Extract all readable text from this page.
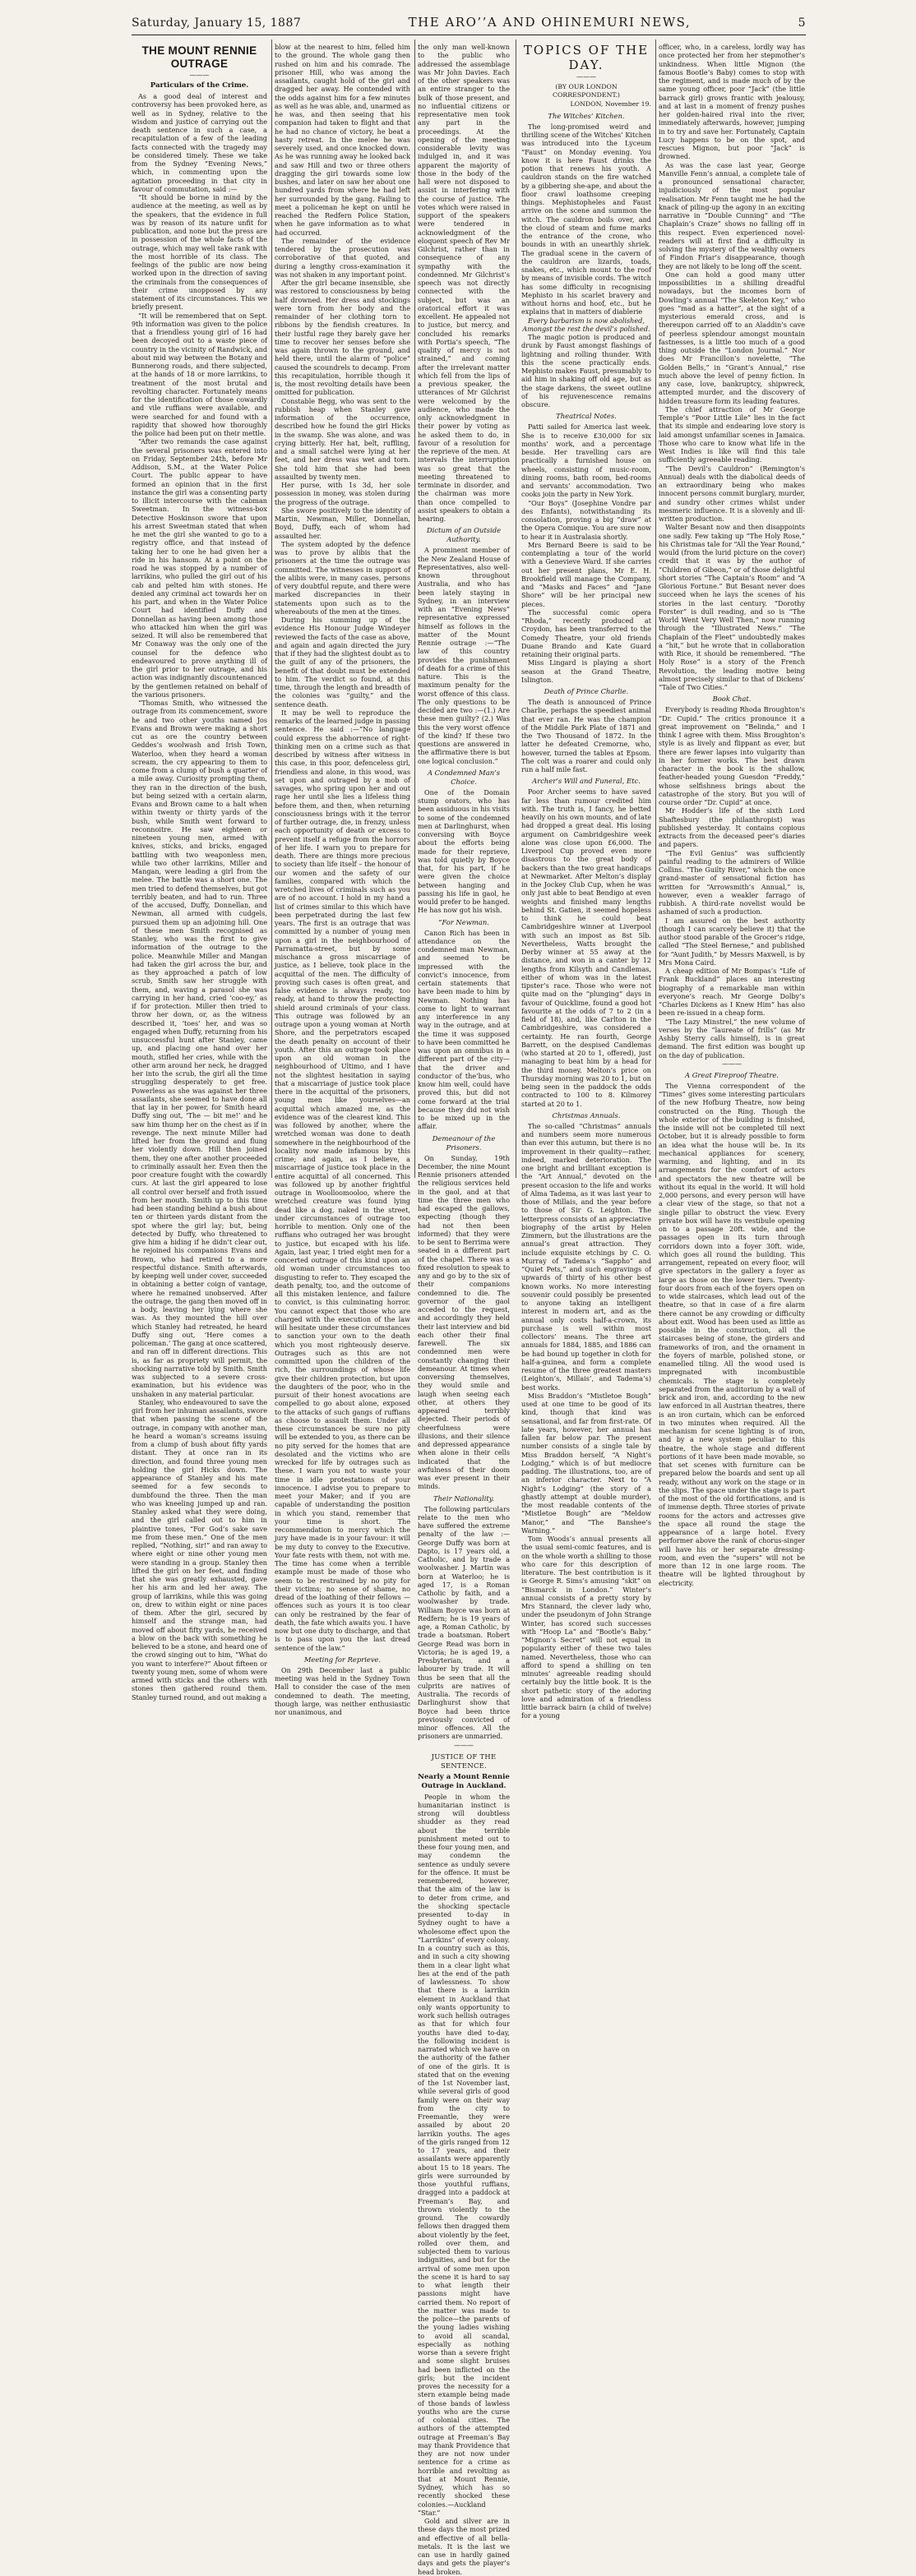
Saturday, January 15, 1887	THE ARO’’A AND OHINEMURI NEWS,	5
THE MOUNT RENNIE OUTRAGE
———
Particulars of the Crime.

As a good deal of interest and controversy has been provoked here, as well as in Sydney, relative to the wisdom and justice of carrying out the death sentence in such a case, a recapitulation of a few of the leading facts connected with the tragedy may be considered timely. These we take from the Sydney “Evening News,” which, in commenting upon the agitation proceeding in that city in favour of commutation, said :—

“It should be borne in mind by the audience at the meeting, as well as by the speakers, that the evidence in full was by reason of its nature unfit for publication, and none but the press are in possession of the whole facts of the outrage, which may well take rank with the most horrible of its class. The feelings of the public are now being worked upon in the direction of saving the criminals from the consequences of their crime unopposed by any statement of its circumstances. This we briefly present.

“It will be remembered that on Sept. 9th information was given to the police that a friendless young girl of 16 had been decoyed out to a waste piece of country in the vicinity of Randwick, and about mid way between the Botany and Bunnerong roads, and there subjected, at the hands of 18 or more larrikins, to treatment of the most brutal and revolting character. Fortunately means for the identification of those cowardly and vile ruffians were available, and were searched for and found with a rapidity that showed how thoroughly the police had been put on their mettle.

“After two remands the case against the several prisoners was entered into on Friday, September 24th, before Mr Addison, S.M., at the Water Police Court. The public appear to have formed an opinion that in the first instance the girl was a consenting party to illicit intercourse with the cabman Sweetman. In the witness-box Detective Hoskinson swore that upon his arrest Sweetman stated that when he met the girl she wanted to go to a registry office, and that instead of taking her to one he had given her a ride in his hansom. At a point on the road he was stopped by a number of larrikins, who pulled the girl out of his cab and pelted him with stones. He denied any criminal act towards her on his part, and when in the Water Police Court had identified Duffy and Donnellan as having been among those who attacked him when the girl was seized. It will also be remembered that Mr Conaway was the only one of the counsel for the defence who endeavoured to prove anything ill of the girl prior to her outrage, and his action was indignantly discountenanced by the gentlemen retained on behalf of the various prisoners.

“Thomas Smith, who witnessed the outrage from its commencement, swore he and two other youths named Jos Evans and Brown were making a short cut as ore the country between Geddes’s woolwash and Irish Town, Waterloo, when they heard a woman scream, the cry appearing to them to come from a clump of bush a quarter of a mile away. Curiosity prompting them, they ran in the direction of the bush, but being seized with a certain alarm, Evans and Brown came to a halt when within twenty or thirty yards of the bush, while Smith went forward to reconnoitre. He saw eighteen or nineteen young men, armed with knives, sticks, and bricks, engaged battling with two weaponless men, while two other larrikins, Miller and Mangan, were leading a girl from the melee. The battle was a short one. The men tried to defend themselves, but got terribly beaten, and had to run. Three of the accused, Duffy, Donnellan, and Newman, all armed with cudgels, pursued them up an adjoining hill. One of these men Smith recognised as Stanley, who was the first to give information of the outrage to the police. Meanwhile Miller and Mangan had taken the girl across the bur, and as they approached a patch of low scrub, Smith saw her struggle with them, and, waving a parasol she was carrying in her hand, cried ‘coo-ey,’ as if for protection. Miller then tried to throw her down, or, as the witness described it, ‘toes’ her, and was so engaged when Duffy, returning from his unsuccessful hunt after Stanley, came up, and placing one hand over her mouth, stifled her cries, while with the other arm around her neck, he dragged her into the scrub, the girl all the time struggling desperately to get free. Powerless as she was against her three assailants, she seemed to have done all that lay in her power, for Smith heard Duffy sing out, ‘The — bit me!’ and he saw him thump her on the chest as if in revenge. The next minute Miller had lifted her from the ground and flung her violently down. Hill then joined them, they one after another proceeded to criminally assault her. Even then the poor creature fought with the cowardly curs. At last the girl appeared to lose all control over herself and froth issued from her mouth. Smith up to this time had been standing behind a bush about ten or thirteen yards distant from the spot where the girl lay; but, being detected by Duffy, who threatened to give him a hiding if he didn’t clear out, he rejoined his companions Evans and Brown, who had retired to a more respectful distance. Smith afterwards, by keeping well under cover, succeeded in obtaining a better coign of vantage, where he remained unobserved. After the outrage, the gang then moved off in a body, leaving her lying where she was. As they mounted the hill over which Stanley had retreated, he heard Duffy sing out, ‘Here comes a policeman.’ The gang at once scattered, and ran off in different directions. This is, as far as propriety will permit, the shocking narrative told by Smith. Smith was subjected to a severe cross-examination, but his evidence was unshaken in any material particular.

Stanley, who endeavoured to save the girl from her inhuman assailants, swore that when passing the scene of the outrage, in company with another man, he heard a woman’s screams issuing from a clump of bush about fifty yards distant. They at once ran in its direction, and found three young men holding the girl Hicks down. The appearance of Stanley and his mate seemed for a few seconds to dumbfound the three. Then the man who was kneeling jumped up and ran. Stanley asked what they were doing, and the girl called out to him in plaintive tones, “For God’s sake save me from these men.” One of the men replied, “Nothing, sir!” and ran away to where eight or nine other young men were standing in a group. Stanley then lifted the girl on her feet, and finding that she was greatly exhausted, gave her his arm and led her away. The group of larrikins, while this was going on, drew to within eight or nine paces of them. After the girl, secured by himself and the strange man, had moved off about fifty yards, he received a blow on the back with something he believed to be a stone, and heard one of the crowd singing out to him, “What do you want to interfere?” About fifteen or twenty young men, some of whom were armed with sticks and the others with stones then gathered round them. Stanley turned round, and out making a

blow at the nearest to him, felled him to the ground. The whole gang then rushed on him and his comrade. The prisoner Hill, who was among the assailants, caught hold of the girl and dragged her away. He contended with the odds against him for a few minutes as well as he was able, and, unarmed as he was, and then seeing that his companion had taken to flight and that he had no chance of victory, he beat a hasty retreat. In the melee he was severely used, and once knocked down. As he was running away he looked back and saw Hill and two or three others dragging the girl towards some low bushes, and later on saw her about one hundred yards from where he had left her surrounded by the gang. Failing to meet a policeman he kept on until he reached the Redfern Police Station, when he gave information as to what had occurred.

The remainder of the evidence tendered by the prosecution was corroborative of that quoted, and during a lengthy cross-examination it was not shaken in any important point.

After the girl became insensible, she was restored to consciousness by being half drowned. Her dress and stockings were torn from her body and the remainder of her clothing torn to ribbons by the fiendish creatures. In their lustful rage they barely gave her time to recover her senses before she was again thrown to the ground, and held there, until the alarm of “police” caused the scoundrels to decamp. From this recapitulation, horrible though it is, the most revolting details have been omitted for publication.

Constable Begg, who was sent to the rubbish heap when Stanley gave information of the occurrence, described how he found the girl Hicks in the swamp. She was alone, and was crying bitterly. Her hat, belt, ruffling, and a small satchel were lying at her feet, and her dress was wet and torn. She told him that she had been assaulted by twenty men.

Her purse, with 1s 3d, her sole possession in money, was stolen during the progress of the outrage.

She swore positively to the identity of Martin, Newman, Miller, Donnellan, Boyd, Duffy, each of whom had assaulted her.

The system adopted by the defence was to prove by alibis that the prisoners at the time the outrage was committed. The witnesses in support of the alibis were, in many cases, persons of very doubtful repute, and there were marked discrepancies in their statements upon such as to the whereabouts of the men at the times.

During his summing up of the evidence His Honour Judge Windeyer reviewed the facts of the case as above, and again and again directed the jury that if they had the slightest doubt as to the guilt of any of the prisoners, the benefit of that doubt must be extended to him. The verdict so found, at this time, through the length and breadth of the colonies was “guilty,” and the sentence death.

It may be well to reproduce the remarks of the learned judge in passing sentence. He said :—“No language could express the abhorrence of right-thinking men on a crime such as that described by witness after witness in this case, in this poor, defenceless girl, friendless and alone, in this wood, was set upon and outraged by a mob of savages, who spring upon her and out rage her until she lies a lifeless thing before them, and then, when returning consciousness brings with it the terror of further outrage, die, in frenzy, unless each opportunity of death or excess to prevent itself a refuge from the horrors of her life. I warn you to prepare for death. There are things more precious to society than life itself – the honour of our women and the safety of our families, compared with which the wretched lives of criminals such as you are of no account. I hold in my hand a list of crimes similar to this which have been perpetrated during the last few years. The first is an outrage that was committed by a number of young men upon a girl in the neighbourhood of Parramatta-street, but by some mischance a gross miscarriage of justice, as I believe, took place in the acquittal of the men. The difficulty of proving such cases is often great, and false evidence is always ready, too ready, at hand to throw the protecting shield around criminals of your class. This outrage was followed by an outrage upon a young woman at North Shore, and the perpetrators escaped the death penalty on account of their youth. After this an outrage took place upon an old woman in the neighbourhood of Ultimo, and I have not the slightest hesitation in saying that a miscarriage of justice took place there in the acquittal of the prisoners, young men like yourselves—an acquittal which amazed me, as the evidence was of the clearest kind. This was followed by another, where the wretched woman was done to death somewhere in the neighbourhood of the locality now made infamous by this crime; and again, as I believe, a miscarriage of justice took place in the entire acquittal of all concerned. This was followed up by another frightful outrage in Woolloomooloo, where the wretched creature was found lying dead like a dog, naked in the street, under circumstances of outrage too horrible to mention. Only one of the ruffians who outraged her was brought to justice, but escaped with his life. Again, last year, I tried eight men for a concerted outrage of this kind upon an old woman under circumstances too disgusting to refer to. They escaped the death penalty, too, and the outcome of all this mistaken lenience, and failure to convict, is this culminating horror. You cannot expect that those who are charged with the execution of the law will hesitate under these circumstances to sanction your own to the death which you most righteously deserve. Outrages such as this are not committed upon the children of the rich, the surroundings of whose life give their children protection, but upon the daughters of the poor, who in the pursuit of their honest avocations are compelled to go about alone, exposed to the attacks of such gangs of ruffians as choose to assault them. Under all these circumstances be sure no pity will be extended to you, as there can be no pity served for the homes that are desolated and the victims who are wrecked for life by outrages such as these. I warn you not to waste your time in idle protestations of your innocence. I advise you to prepare to meet your Maker; and if you are capable of understanding the position in which you stand, remember that your time is short. The recommendation to mercy which the jury have made is in your favour: it will be my duty to convey to the Executive. Your fate rests with them, not with me. The time has come when a terrible example must be made of those who seem to be restrained by no pity for their victims; no sense of shame, no dread of the loathing of their fellows — offences such as yours it is too clear can only be restrained by the fear of death, the fate which awaits you. I have now but one duty to discharge, and that is to pass upon you the last dread sentence of the law.”

Meeting for Reprieve.

On 29th December last a public meeting was held in the Sydney Town Hall to consider the case of the men condemned to death. The meeting, though large, was neither enthusiastic nor unanimous, and

the only man well-known to the public who addressed the assemblage was Mr John Davies. Each of the other speakers was an entire stranger to the bulk of those present, and no influential citizens or representative men took any part in the proceedings. At the opening of the meeting considerable levity was indulged in, and it was apparent the majority of those in the body of the hall were not disposed to assist in interfering with the course of justice. The votes which were raised in support of the speakers were tendered in acknowledgment of the eloquent speech of Rev Mr Gilchrist, rather than in consequence of any sympathy with the condemned. Mr Gilchrist’s speech was not directly connected with the subject, but was an oratorical effort it was excellent. He appealed not to justice, but mercy, and concluded his remarks with Portia’s speech, “The quality of mercy is not strained,” and coming after the irrelevant matter which fell from the lips of a previous speaker, the utterances of Mr Gilchrist were welcomed by the audience, who made the only acknowledgment in their power by voting as he asked them to do, in favour of a resolution for the reprieve of the men. At intervals the interruption was so great that the meeting threatened to terminate in disorder, and the chairman was more than once compelled to assist speakers to obtain a hearing.

Dictum of an Outside Authority.

A prominent member of the New Zealand House of Representatives, also well-known throughout Australia, and who has been lately staying in Sydney, in an interview with an “Evening News” representative expressed himself as follows in the matter of the Mount Rennie outrage :—“The law of this country provides the punishment of death for a crime of this nature. This is the maximum penalty for the worst offence of this class. The only questions to be decided are two :—(1.) Are these men guilty? (2.) Was this the very worst offence of the kind? If these two questions are answered in the affirmative there is but one logical conclusion.”

A Condemned Man’s Choice.

One of the Domain stump orators, who has been assiduous in his visits to some of the condemned men at Darlinghurst, when conversing with Boyce about the efforts being made for their reprieve, was told quietly by Boyce that, for his part, if he were given the choice between hanging and passing his life in gaol, he would prefer to be hanged. He has now got his wish.

“For Newman.

Canon Rich has been in attendance on the condemned man Newman, and seemed to be impressed with the convict’s innocence, from certain statements that have been made to him by Newman. Nothing has come to light to warrant any interference in any way in the outrage, and at the time it was supposed to have been committed he was upon an omnibus in a different part of the city—that the driver and conductor of the’bus, who know him well, could have proved this, but did not come forward at the trial because they did not wish to be mixed up in the affair.

Demeanour of the Prisoners.

On Sunday, 19th December, the nine Mount Rennie prisoners attended the religious services held in the gaol, and at that time the three men who had escaped the gallows, expecting (though they had not then been informed) that they were to be sent to Berrima were seated in a different part of the chapel. There was a fixed resolution to speak to any and go by to the six of their companions condemned to die. The governor of the gaol acceded to the request, and accordingly they held their last interview and bid each other their final farewell. The six condemned men were constantly changing their demeanour. At times when conversing themselves, they would smile and laugh when seeing each other, at others they appeared terribly dejected. Their periods of cheerfulness were illusions, and their silence and depressed appearance when alone in their cells indicated that the awfulness of their doom was ever present in their minds.

Their Nationality.

The following particulars relate to the men who have suffered the extreme penalty of the law :—George Duffy was born at Dapto, is 17 years old, a Catholic, and by trade a woolwasher. J. Martin was born at Waterloo; he is aged 17, is a Roman Catholic by faith, and a woolwasher by trade. William Boyce was born at Redfern; he is 19 years of age, a Roman Catholic, by trade a boatsman. Robert George Read was born in Victoria; he is aged 19, a Presbyterian, and a labourer by trade. It will thus be seen that all the culprits are natives of Australia. The records of Darlinghurst show that Boyce had been thrice previously convicted of minor offences. All the prisoners are unmarried.

———
JUSTICE OF THE SENTENCE.
Nearly a Mount Rennie Outrage in Auckland.

People in whom the humanitarian instinct is strong will doubtless shudder as they read about the terrible punishment meted out to these four young men, and may condemn the sentence as unduly severe for the offence. It must be remembered, however, that the aim of the law is to deter from crime, and the shocking spectacle presented to-day in Sydney ought to have a wholesome effect upon the “Larrikins” of every colony. In a country such as this, and in such a city showing them in a clear light what lies at the end of the path of lawlessness. To show that there is a larrikin element in Auckland that only wants opportunity to work such hellish outrages as that for which four youths have died to-day, the following incident is narrated which we have on the authority of the father of one of the girls. It is stated that on the evening of the 1st November last, while several girls of good family were on their way from the city to Freemantle, they were assailed by about 20 larrikin youths. The ages of the girls ranged from 12 to 17 years, and their assailants were apparently about 15 to 18 years. The girls were surrounded by those youthful ruffians, dragged into a paddock at Freeman’s Bay, and thrown violently to the ground. The cowardly fellows then dragged them about violently by the feet, rolled over them, and subjected them to various indignities, and but for the arrival of some men upon the scene it is hard to say to what length their passions might have carried them. No report of the matter was made to the police—the parents of the young ladies wishing to avoid all scandal, especially as nothing worse than a severe fright and some slight bruises had been inflicted on the girls; but the incident proves the necessity for a stern example being made of those bands of lawless youths who are the curse of colonial cities. The authors of the attempted outrage at Freeman’s Bay may thank Providence that they are not now under sentence for a crime as horrible and revolting as that at Mount Rennie, Sydney, which has so recently shocked these colonies.—Auckland “Star.”

Gold and silver are in these days the most prized and effective of all bella-metals. It is the last we can use in hardly gained days and gets the player’s head broken.

TOPICS OF THE DAY.
———
(BY OUR LONDON CORRESPONDENT.)
LONDON, November 19.
The Witches’ Kitchen.

The long-promised weird and thrilling scene of the Witches’ Kitchen was introduced into the Lyceum “Faust” on Monday evening. You know it is here Faust drinks the potion that renews his youth. A cauldron stands on the fire watched by a gibbering she-ape, and about the floor crawl loathsome creeping things. Mephistopheles and Faust arrive on the scene and summon the witch. The cauldron boils over, and the cloud of steam and fume marks the entrance of the crone, who bounds in with an unearthly shriek. The gradual scene in the cavern of the cauldron are lizards, toads, snakes, etc., which mount to the roof by means of invisible cords. The witch has some difficulty in recognising Mephisto in his scarlet bravery and without horns and hoof, etc., but he explains that in matters of diablerie

Every barbarism is now abolished, Amongst the rest the devil’s polished.

The magic potion is produced and drunk by Faust amongst flashings of lightning and rolling thunder. With this the scene practically ends. Mephisto makes Faust, presumably to aid him in shaking off old age, but as the stage darkens, the sweet outline of his rejuvenescence remains obscure.

Theatrical Notes.

Patti sailed for America last week. She is to receive £30,000 for six months’ work, and a percentage beside. Her travelling cars are practically a furnished house on wheels, consisting of music-room, dining rooms, bath room, bed-rooms and servants’ accommodation. Two cooks join the party in New York.

“Our Boys” (Josephine Vondre par des Enfants), notwithstanding its consolation, proving a big “draw” at the Opera Comique. You are sure now to hear it in Australasia shortly.

Mrs Bernard Beere is said to be contemplating a tour of the world with a Genevieve Ward. If she carries out her present plans, Mr E. H. Brookfield will manage the Company, and “Masks and Faces” and “Jane Shore” will be her principal new pieces.

The successful comic opera “Rhoda,” recently produced at Croydon, has been transferred to the Comedy Theatre, your old friends Duane Brando and Kate Guard retaining their original parts.

Miss Lingard is playing a short season at the Grand Theatre, Islington.

Death of Prince Charlie.

The death is announced of Prince Charlie, perhaps the speediest animal that ever ran. He was the champion of the Middle Park Plate of 1871 and the Two Thousand of 1872. In the latter he defeated Cremorne, who, however, turned the tables at Epsom. The colt was a roarer and could only run a half mile fast.

Archer’s Will and Funeral, Etc.

Poor Archer seems to have saved far less than rumour credited him with. The truth is, I fancy, he betted heavily on his own mounts, and of late had dropped a great deal. His losing argument on Cambridgeshire week alone was close upon £6,000. The Liverpool Cup proved even more disastrous to the great body of backers than the two great handicaps at Newmarket. After Melton’s display in the Jockey Club Cup, when he was only just able to beat Bendigo at even weights and finished many lengths behind St. Gatien, it seemed hopeless to think he could beat Cambridgeshire winner at Liverpool with such an impost as 8st 5lb. Nevertheless, Watts brought the Derby winner at 55 away at the distance, and won in a canter by 12 lengths from Kilsyth and Candlemas, either of whom was in the latest tipster’s race. Those who were not quite mad on the “plunging” days in favour of Quicklime, found a good hot favourite at the odds of 7 to 2 (in a field of 18), and, like Carlton in the Cambridgeshire, was considered a certainty. He ran fourth, George Barrett, on the despised Candlemas (who started at 20 to 1, offered), just managing to beat him by a head for the third money. Melton’s price on Thursday morning was 20 to 1, but on being seen in the paddock the odds contracted to 100 to 8. Kilmorey started at 20 to 1.

Christmas Annuals.

The so-called “Christmas” annuals and numbers seem more numerous than ever this autumn, but there is no improvement in their quality—rather, indeed, marked deterioration. The one bright and brilliant exception is the “Art Annual,” devoted on the present occasion to the life and works of Alma Tadema, as it was last year to those of Millais, and the year before to those of Sir G. Leighton. The letterpress consists of an appreciative biography of the artist by Helen Zimmern, but the illustrations are the annual’s great attraction. They include exquisite etchings by C. O. Murray of Tadema’s “Sappho” and “Quiet Pets,” and such engravings of upwards of thirty of his other best known works. No more interesting souvenir could possibly be presented to anyone taking an intelligent interest in modern art, and as the annual only costs half-a-crown, its purchase is well within most collectors’ means. The three art annuals for 1884, 1885, and 1886 can be had bound up together in cloth for half-a-guinea, and form a complete resume of the three greatest masters (Leighton’s, Millais’, and Tadema’s) best works.

Miss Braddon’s “Mistletoe Bough” used at one time to be good of its kind, though that kind was sensational, and far from first-rate. Of late years, however, her annual has fallen far below par. The present number consists of a single tale by Miss Braddon herself, “A Night’s Lodging,” which is of but mediocre padding. The illustrations, too, are of an inferior character. Next to “A Night’s Lodging” (the story of a ghastly attempt at double murder), the most readable contents of the “Mistletoe Bough” are “Meldow Manor,” and “The Banshee’s Warning.”

Tom Woods’s annual presents all the usual semi-comic features, and is on the whole worth a shilling to those who care for this description of literature. The best contribution is it is George R. Sims’s amusing “skit” on “Bismarck in London.” Winter’s annual consists of a pretty story by Mrs Stannard, the clever lady who, under the pseudonym of John Strange Winter, has scored such successes with “Hoop La” and “Bootle’s Baby.” “Mignon’s Secret” will not equal in popularity either of these two tales named. Nevertheless, those who can afford to spend a shilling on ten minutes’ agreeable reading should certainly buy the little book. It is the short pathetic story of the adoring love and admiration of a friendless little barrack bairn (a child of twelve) for a young

officer, who, in a careless, lordly way has once protected her from her stepmother’s unkindness. When little Mignon (the famous Bootle’s Baby) comes to stop with the regiment, and is made much of by the same young officer, poor “Jack” (the little barrack girl) grows frantic with jealousy, and at last in a moment of frenzy pushes her golden-haired rival into the river, immediately afterwards, however, jumping in to try and save her. Fortunately, Captain Lucy happens to be on the spot, and rescues Mignon, but poor “Jack” is drowned.

As was the case last year, George Manville Fenn’s annual, a complete tale of a pronounced sensational character, injudiciously of the most popular realisation. Mr Fenn taught me he had the knack of piling-up the agony in an exciting narrative in “Double Cunning” and “The Chaplain’s Craze” shows no falling off in this respect. Even experienced novel-readers will at first find a difficulty in solving the mystery of the wealthy owners of Findon Friar’s disappearance, though they are not likely to be long off the scent.

One can hold a good many utter impossibilities in a shilling dreadful nowadays, but the incomes born of Dowling’s annual “The Skeleton Key,” who goes “mad as a hatter”, at the sight of a mysterious emerald cross, and is thereupon carried off to an Aladdin’s cave of peerless splendour amongst mountain fastnesses, is a little too much of a good thing outside the “London Journal.” Nor does Mr Francillon’s novelette, “The Golden Bells,” in “Grant’s Annual,” rise much above the level of penny fiction. In any case, love, bankruptcy, shipwreck, attempted murder, and the discovery of hidden treasure form its leading features.

The chief attraction of Mr George Temple’s “Poor Little Lile” lies in the fact that its simple and endearing love story is laid amongst unfamiliar scenes in Jamaica. Those who care to know what life in the West Indies is like will find this tale sufficiently agreeable reading.

“The Devil’s Cauldron” (Remington’s Annual) deals with the diabolical deeds of an extraordinary being who makes innocent persons commit burglary, murder, and sundry other crimes whilst under mesmeric influence. It is a slovenly and ill-written production.

Walter Besant now and then disappoints one sadly. Few taking up “The Holy Rose,” his Christmas tale for “All the Year Round,” would (from the lurid picture on the cover) credit that it was by the author of “Children of Gibeon,” or of those delightful short stories “The Captain’s Room” and “A Glorious Fortune.” But Besant never does succeed when he lays the scenes of his stories in the last century. “Dorothy Forster” is dull reading, and so is “The World Went Very Well Then,” now running through the “Illustrated News.” “The Chaplain of the Fleet” undoubtedly makes a “hit,” but he wrote that in collaboration with Rice, it should be remembered. “The Holy Rose” is a story of the French Revolution, the leading motive being almost precisely similar to that of Dickens’ “Tale of Two Cities.”

Book Chat.

Everybody is reading Rhoda Broughton’s “Dr. Cupid.” The critics pronounce it a great improvement on “Belinda,” and I think I agree with them. Miss Broughton’s style is as lively and flippant as ever, but there are fewer lapses into vulgarity than in her former works. The best drawn character in the book is the shallow, feather-headed young Guesdon “Freddy,” whose selfishness brings about the catastrophe of the story. But you will of course order “Dr. Cupid” at once.

Mr Hodder’s life of the sixth Lord Shaftesbury (the philanthropist) was published yesterday. It contains copious extracts from the deceased peer’s diaries and papers.

“The Evil Genius” was sufficiently painful reading to the admirers of Wilkie Collins. “The Guilty River,” which the once grand-master of sensational fiction has written for “Arrowsmith’s Annual,” is, however, even a weakler farrago of rubbish. A third-rate novelist would be ashamed of such a production.

I am assured on the best authority (though I can scarcely believe it) that the author stood parable of the Grocer’s ridge, called “The Steel Bernese,” and published for “Aunt Judith,” by Messrs Maxwell, is by Mrs Mona Caird.

A cheap edition of Mr Bompas’s “Life of Frank Buckland” places an interesting biography of a remarkable man within everyone’s reach. Mr George Dolby’s “Charles Dickens as I Knew Him” has also been re-issued in a cheap form.

“The Lazy Minstrel,” the new volume of verses by the “laureate of frills” (as Mr Ashby Sterry calls himself), is in great demand. The first edition was bought up on the day of publication.

———
A Great Fireproof Theatre.

The Vienna correspondent of the “Times” gives some interesting particulars of the new Hofburg Theatre, now being constructed on the Ring. Though the whole exterior of the building is finished, the inside will not be completed till next October, but it is already possible to form an idea what the house will be. In its mechanical appliances for scenery, warming, and lighting, and in its arrangements for the comfort of actors and spectators the new theatre will be without its equal in the world. It will hold 2,000 persons, and every person will have a clear view of the stage, so that not a single pillar to obstruct the view. Every private box will have its vestibule opening on to a passage 20ft. wide, and the passages open in its turn through corridors down into a foyer 30ft. wide, which goes all round the building. This arrangement, repeated on every floor, will give spectators in the gallery a foyer as large as those on the lower tiers. Twenty-four doors from each of the foyers open on to wide staircases, which lead out of the theatre, so that in case of a fire alarm there cannot be any crowding or difficulty about exit. Wood has been used as little as possible in the construction, all the staircases being of stone, the girders and frameworks of iron, and the ornament in the foyers of marble, polished stone, or enamelled tiling. All the wood used is impregnated with incombustible chemicals. The stage is completely separated from the auditorium by a wall of brick and iron, and, according to the new law enforced in all Austrian theatres, there is an iron curtain, which can be enforced in two minutes when required. All the mechanism for scene lighting is of iron, and by a new system peculiar to this theatre, the whole stage and different portions of it have been made movable, so that set scenes with furniture can be prepared below the boards and sent up all ready, without any work on the stage or in the slips. The space under the stage is part of the most of the old fortifications, and is of immense depth. Three stories of private rooms for the actors and actresses give the space all round the stage the appearance of a large hotel. Every performer above the rank of chorus-singer will have his or her separate dressing-room, and even the “supers” will not be more than 12 in one large room. The theatre will be lighted throughout by electricity.
